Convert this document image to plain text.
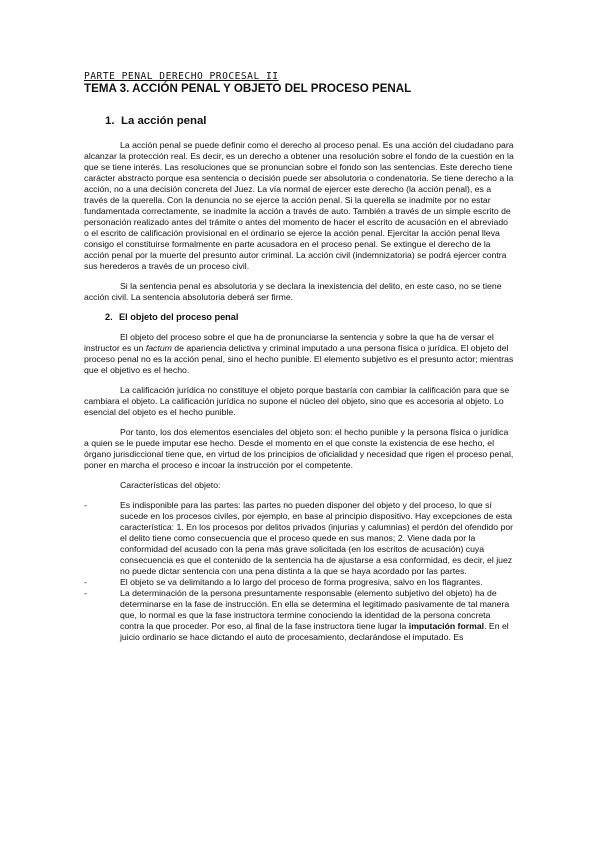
PARTE PENAL DERECHO PROCESAL II

TEMA 3. ACCIÓN PENAL Y OBJETO DEL PROCESO PENAL
1. La acción penal

La acción penal se puede definir como el derecho al proceso penal. Es una acción del ciudadano para alcanzar la protección real. Es decir, es un derecho a obtener una resolución sobre el fondo de la cuestión en la que se tiene interés. Las resoluciones que se pronuncian sobre el fondo son las sentencias. Este derecho tiene carácter abstracto porque esa sentencia o decisión puede ser absolutoria o condenatoria. Se tiene derecho a la acción, no a una decisión concreta del Juez. La vía normal de ejercer este derecho (la acción penal), es a través de la querella. Con la denuncia no se ejerce la acción penal. Si la querella se inadmite por no estar fundamentada correctamente, se inadmite la acción a través de auto. También a través de un simple escrito de personación realizado antes del trámite o antes del momento de hacer el escrito de acusación en el abreviado o el escrito de calificación provisional en el ordinario se ejerce la acción penal. Ejercitar la acción penal lleva consigo el constituirse formalmente en parte acusadora en el proceso penal. Se extingue el derecho de la acción penal por la muerte del presunto autor criminal. La acción civil (indemnizatoria) se podrá ejercer contra sus herederos a través de un proceso civil.

Si la sentencia penal es absolutoria y se declara la inexistencia del delito, en este caso, no se tiene acción civil. La sentencia absolutoria deberá ser firme.

2. El objeto del proceso penal

El objeto del proceso sobre el que ha de pronunciarse la sentencia y sobre la que ha de versar el instructor es un factum de apariencia delictiva y criminal imputado a una persona física o jurídica. El objeto del proceso penal no es la acción penal, sino el hecho punible. El elemento subjetivo es el presunto actor; mientras que el objetivo es el hecho.

La calificación jurídica no constituye el objeto porque bastaría con cambiar la calificación para que se cambiara el objeto. La calificación jurídica no supone el núcleo del objeto, sino que es accesoria al objeto. Lo esencial del objeto es el hecho punible.

Por tanto, los dos elementos esenciales del objeto son: el hecho punible y la persona física o jurídica a quien se le puede imputar ese hecho. Desde el momento en el que conste la existencia de ese hecho, el órgano jurisdiccional tiene que, en virtud de los principios de oficialidad y necesidad que rigen el proceso penal, poner en marcha el proceso e incoar la instrucción por el competente.

Características del objeto:

-	Es indisponible para las partes: las partes no pueden disponer del objeto y del proceso, lo que sí sucede en los procesos civiles, por ejemplo, en base al principio dispositivo. Hay excepciones de esta característica: 1. En los procesos por delitos privados (injurias y calumnias) el perdón del ofendido por el delito tiene como consecuencia que el proceso quede en sus manos; 2. Viene dada por la conformidad del acusado con la pena más grave solicitada (en los escritos de acusación) cuya consecuencia es que el contenido de la sentencia ha de ajustarse a esa conformidad, es decir, el juez no puede dictar sentencia con una pena distinta a la que se haya acordado por las partes.
-	El objeto se va delimitando a lo largo del proceso de forma progresiva, salvo en los flagrantes.
-	La determinación de la persona presuntamente responsable (elemento subjetivo del objeto) ha de determinarse en la fase de instrucción. En ella se determina el legitimado pasivamente de tal manera que, lo normal es que la fase instructora termine conociendo la identidad de la persona concreta contra la que proceder. Por eso, al final de la fase instructora tiene lugar la imputación formal. En el juicio ordinario se hace dictando el auto de procesamiento, declarándose el imputado. Es
